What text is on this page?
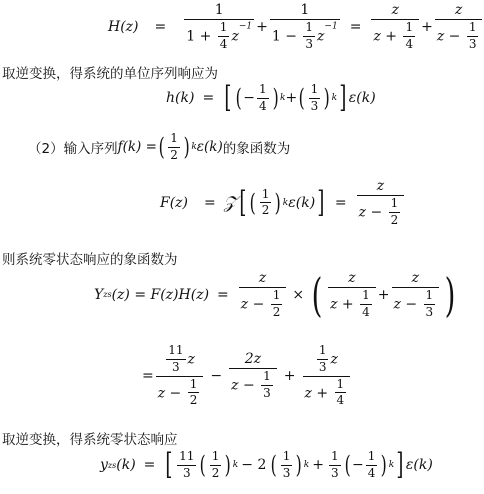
$H(z) = \frac{1}{1 + \frac{1}{4} z^{-1}} + \frac{1}{1 - \frac{1}{3} z^{-1}} = \frac{z}{z + \frac{1}{4}} + \frac{z}{z - \frac{1}{3}}$
取逆变换，得系统的单位序列响应为
h(k) = [ ( − $\frac{1}{4}$ ) k + ( $\frac{1}{3}$ ) k ] ε(k)
（2）输入序列 f(k) = ( $\frac{1}{2}$ ) k ε(k) 的象函数为
F(z) = 𝒵 [ ( $\frac{1}{2}$ ) k ε(k) ] = $\frac{z}{z - \frac{1}{2}}$
则系统零状态响应的象函数为
Y zs $(z) = F(z)H(z) = \frac{z}{z - \frac{1}{2}}$ × ( $\frac{z}{z + \frac{1}{4}} + \frac{z}{z - \frac{1}{3}}$ )
= $\frac{\frac{11}{3} z}{z - \frac{1}{2}} - \frac{2z}{z - \frac{1}{3}} + \frac{\frac{1}{3} z}{z + \frac{1}{4}}$
取逆变换，得系统零状态响应
y zs (k) = [ $\frac{11}{3}$ ( $\frac{1}{2}$ ) k − 2 ( $\frac{1}{3}$ ) $k + \frac{1}{3}$ ( − $\frac{1}{4}$ ) k ] ε(k)
